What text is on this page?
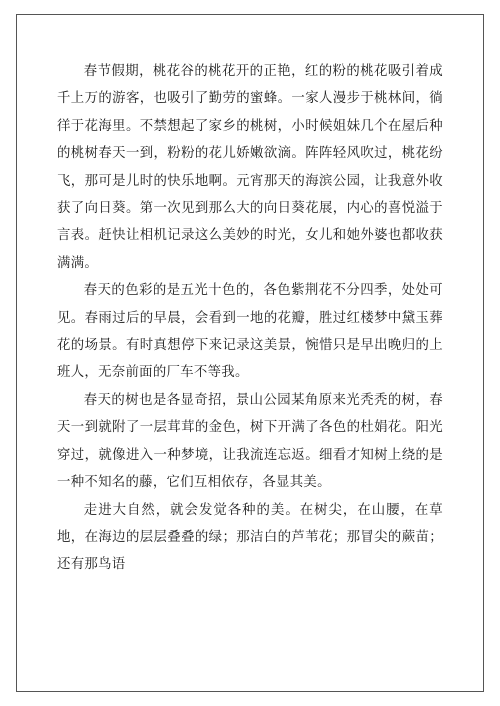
春节假期，桃花谷的桃花开的正艳，红的粉的桃花吸引着成千上万的游客，也吸引了勤劳的蜜蜂。一家人漫步于桃林间，徜徉于花海里。不禁想起了家乡的桃树，小时候姐妹几个在屋后种的桃树春天一到，粉粉的花儿娇嫩欲滴。阵阵轻风吹过，桃花纷飞，那可是儿时的快乐地啊。元宵那天的海滨公园，让我意外收获了向日葵。第一次见到那么大的向日葵花展，内心的喜悦溢于言表。赶快让相机记录这么美妙的时光，女儿和她外婆也都收获满满。

春天的色彩的是五光十色的，各色紫荆花不分四季，处处可见。春雨过后的早晨，会看到一地的花瓣，胜过红楼梦中黛玉葬花的场景。有时真想停下来记录这美景，惋惜只是早出晚归的上班人，无奈前面的厂车不等我。

春天的树也是各显奇招，景山公园某角原来光秃秃的树，春天一到就附了一层茸茸的金色，树下开满了各色的杜娟花。阳光穿过，就像进入一种梦境，让我流连忘返。细看才知树上绕的是一种不知名的藤，它们互相依存，各显其美。

走进大自然，就会发觉各种的美。在树尖，在山腰，在草地，在海边的层层叠叠的绿；那洁白的芦苇花；那冒尖的蕨苗；还有那鸟语
